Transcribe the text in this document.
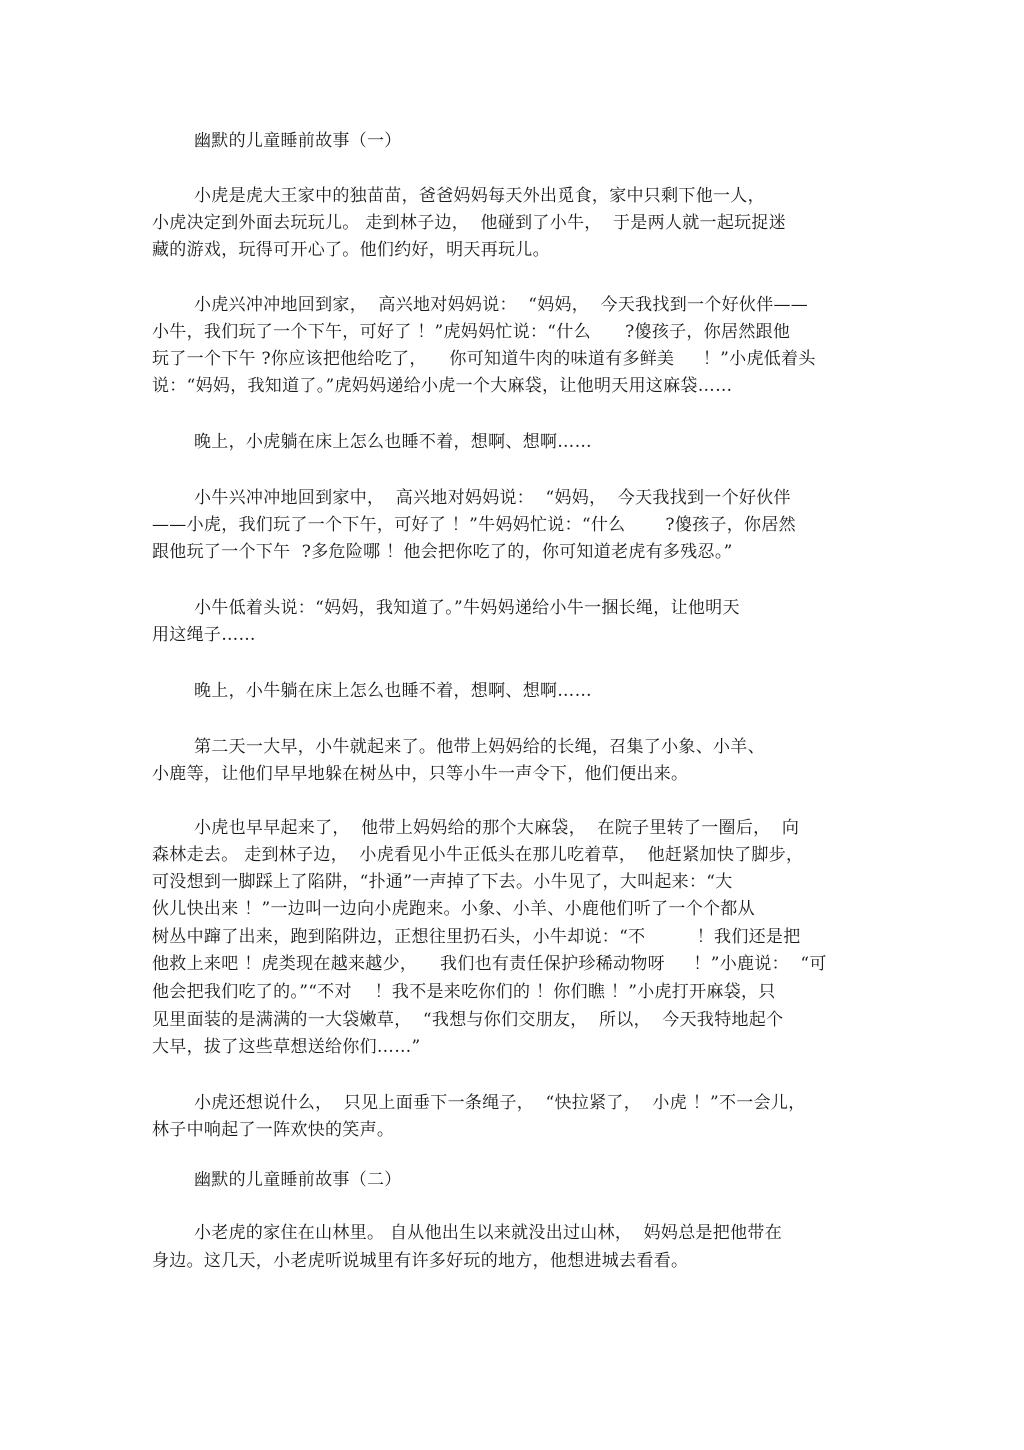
幽默的儿童睡前故事（一）
小虎是虎大王家中的独苗苗，爸爸妈妈每天外出觅食，家中只剩下他一人，
小虎决定到外面去玩玩儿。 走到林子边，  他碰到了小牛，  于是两人就一起玩捉迷
藏的游戏，玩得可开心了。他们约好，明天再玩儿。
小虎兴冲冲地回到家，  高兴地对妈妈说：  “妈妈，  今天我找到一个好伙伴——
小牛，我们玩了一个下午，可好了 ！”虎妈妈忙说：“什么      ?傻孩子，你居然跟他
玩了一个下午 ?你应该把他给吃了，    你可知道牛肉的味道有多鲜美     ！”小虎低着头
说：“妈妈，我知道了。”虎妈妈递给小虎一个大麻袋，让他明天用这麻袋……
晚上，小虎躺在床上怎么也睡不着，想啊、想啊……
小牛兴冲冲地回到家中，  高兴地对妈妈说：  “妈妈，  今天我找到一个好伙伴
——小虎，我们玩了一个下午，可好了 ！”牛妈妈忙说：“什么       ?傻孩子，你居然
跟他玩了一个下午  ?多危险哪 ！他会把你吃了的，你可知道老虎有多残忍。”
小牛低着头说：“妈妈，我知道了。”牛妈妈递给小牛一捆长绳，让他明天
用这绳子……
晚上，小牛躺在床上怎么也睡不着，想啊、想啊……
第二天一大早，小牛就起来了。他带上妈妈给的长绳，召集了小象、小羊、
小鹿等，让他们早早地躲在树丛中，只等小牛一声令下，他们便出来。
小虎也早早起来了，  他带上妈妈给的那个大麻袋，  在院子里转了一圈后，  向
森林走去。 走到林子边，  小虎看见小牛正低头在那儿吃着草，  他赶紧加快了脚步，
可没想到一脚踩上了陷阱，“扑通”一声掉了下去。小牛见了，大叫起来：“大
伙儿快出来 ！”一边叫一边向小虎跑来。小象、小羊、小鹿他们听了一个个都从
树丛中蹿了出来，跑到陷阱边，正想往里扔石头，小牛却说：“不         ！我们还是把
他救上来吧 ！虎类现在越来越少，    我们也有责任保护珍稀动物呀     ！”小鹿说：  “可
他会把我们吃了的。”“不对    ！我不是来吃你们的 ！你们瞧 ！”小虎打开麻袋，只
见里面装的是满满的一大袋嫩草，  “我想与你们交朋友，  所以，  今天我特地起个
大早，拔了这些草想送给你们……”
小虎还想说什么，  只见上面垂下一条绳子，  “快拉紧了，  小虎 ！”不一会儿，
林子中响起了一阵欢快的笑声。
幽默的儿童睡前故事（二）
小老虎的家住在山林里。 自从他出生以来就没出过山林，  妈妈总是把他带在
身边。这几天，小老虎听说城里有许多好玩的地方，他想进城去看看。
